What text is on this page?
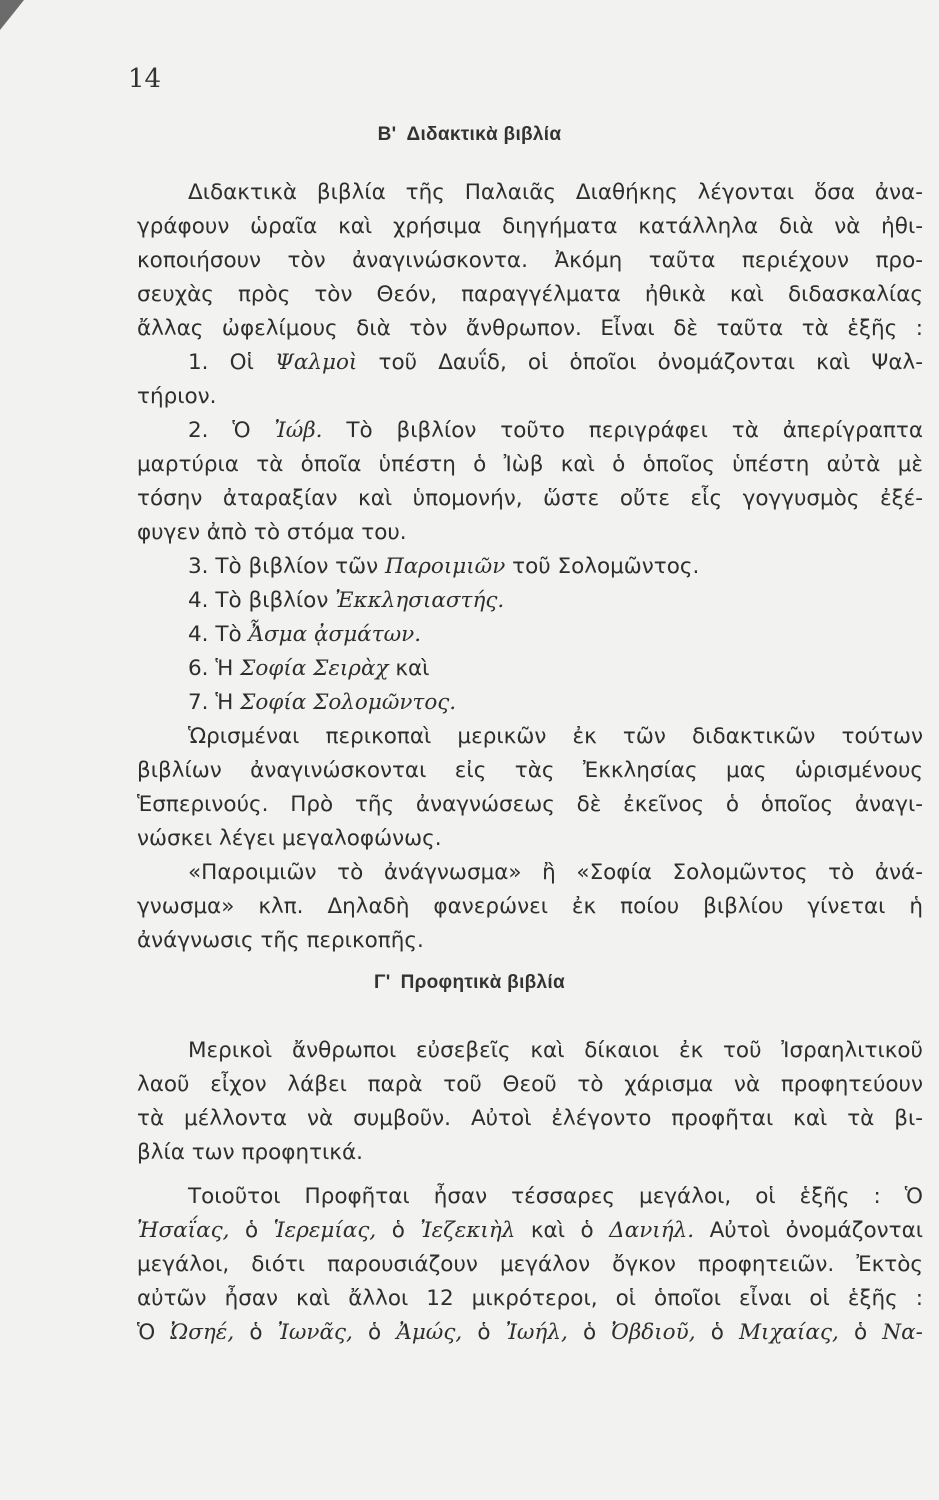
14
Β' Διδακτικὰ βιβλία
Διδακτικὰ βιβλία τῆς Παλαιᾶς Διαθήκης λέγονται ὅσα ἀνα-
γράφουν ὡραῖα καὶ χρήσιμα διηγήματα κατάλληλα διὰ νὰ ἠθι-
κοποιήσουν τὸν ἀναγινώσκοντα. Ἀκόμη ταῦτα περιέχουν προ-
σευχὰς πρὸς τὸν Θεόν, παραγγέλματα ἠθικὰ καὶ διδασκαλίας
ἄλλας ὠφελίμους διὰ τὸν ἄνθρωπον. Εἶναι δὲ ταῦτα τὰ ἑξῆς :
1. Οἱ Ψαλμοὶ τοῦ Δαυΐδ, οἱ ὁποῖοι ὀνομάζονται καὶ Ψαλ-
τήριον.
2. Ὁ Ἰώβ. Τὸ βιβλίον τοῦτο περιγράφει τὰ ἀπερίγραπτα
μαρτύρια τὰ ὁποῖα ὑπέστη ὁ Ἰὼβ καὶ ὁ ὁποῖος ὑπέστη αὐτὰ μὲ
τόσην ἀταραξίαν καὶ ὑπομονήν, ὥστε οὔτε εἷς γογγυσμὸς ἐξέ-
φυγεν ἀπὸ τὸ στόμα του.
3. Τὸ βιβλίον τῶν Παροιμιῶν τοῦ Σολομῶντος.
4. Τὸ βιβλίον Ἐκκλησιαστής.
4. Τὸ Ἆσμα ᾀσμάτων.
6. Ἡ Σοφία Σειρὰχ καὶ
7. Ἡ Σοφία Σολομῶντος.
Ὡρισμέναι περικοπαὶ μερικῶν ἐκ τῶν διδακτικῶν τούτων
βιβλίων ἀναγινώσκονται εἰς τὰς Ἐκκλησίας μας ὡρισμένους
Ἑσπερινούς. Πρὸ τῆς ἀναγνώσεως δὲ ἐκεῖνος ὁ ὁποῖος ἀναγι-
νώσκει λέγει μεγαλοφώνως.
«Παροιμιῶν τὸ ἀνάγνωσμα» ἢ «Σοφία Σολομῶντος τὸ ἀνά-
γνωσμα» κλπ. Δηλαδὴ φανερώνει ἐκ ποίου βιβλίου γίνεται ἡ
ἀνάγνωσις τῆς περικοπῆς.
Γ' Προφητικὰ βιβλία
Μερικοὶ ἄνθρωποι εὐσεβεῖς καὶ δίκαιοι ἐκ τοῦ Ἰσραηλιτικοῦ
λαοῦ εἶχον λάβει παρὰ τοῦ Θεοῦ τὸ χάρισμα νὰ προφητεύουν
τὰ μέλλοντα νὰ συμβοῦν. Αὐτοὶ ἐλέγοντο προφῆται καὶ τὰ βι-
βλία των προφητικά.
Τοιοῦτοι Προφῆται ἦσαν τέσσαρες μεγάλοι, οἱ ἑξῆς : Ὁ
Ἠσαΐας, ὁ Ἱερεμίας, ὁ Ἰεζεκιὴλ καὶ ὁ Δανιήλ. Αὐτοὶ ὀνομάζονται
μεγάλοι, διότι παρουσιάζουν μεγάλον ὄγκον προφητειῶν. Ἐκτὸς
αὐτῶν ἦσαν καὶ ἄλλοι 12 μικρότεροι, οἱ ὁποῖοι εἶναι οἱ ἑξῆς :
Ὁ Ὠσηέ, ὁ Ἰωνᾶς, ὁ Ἀμώς, ὁ Ἰωήλ, ὁ Ὀβδιοῦ, ὁ Μιχαίας, ὁ Να-
